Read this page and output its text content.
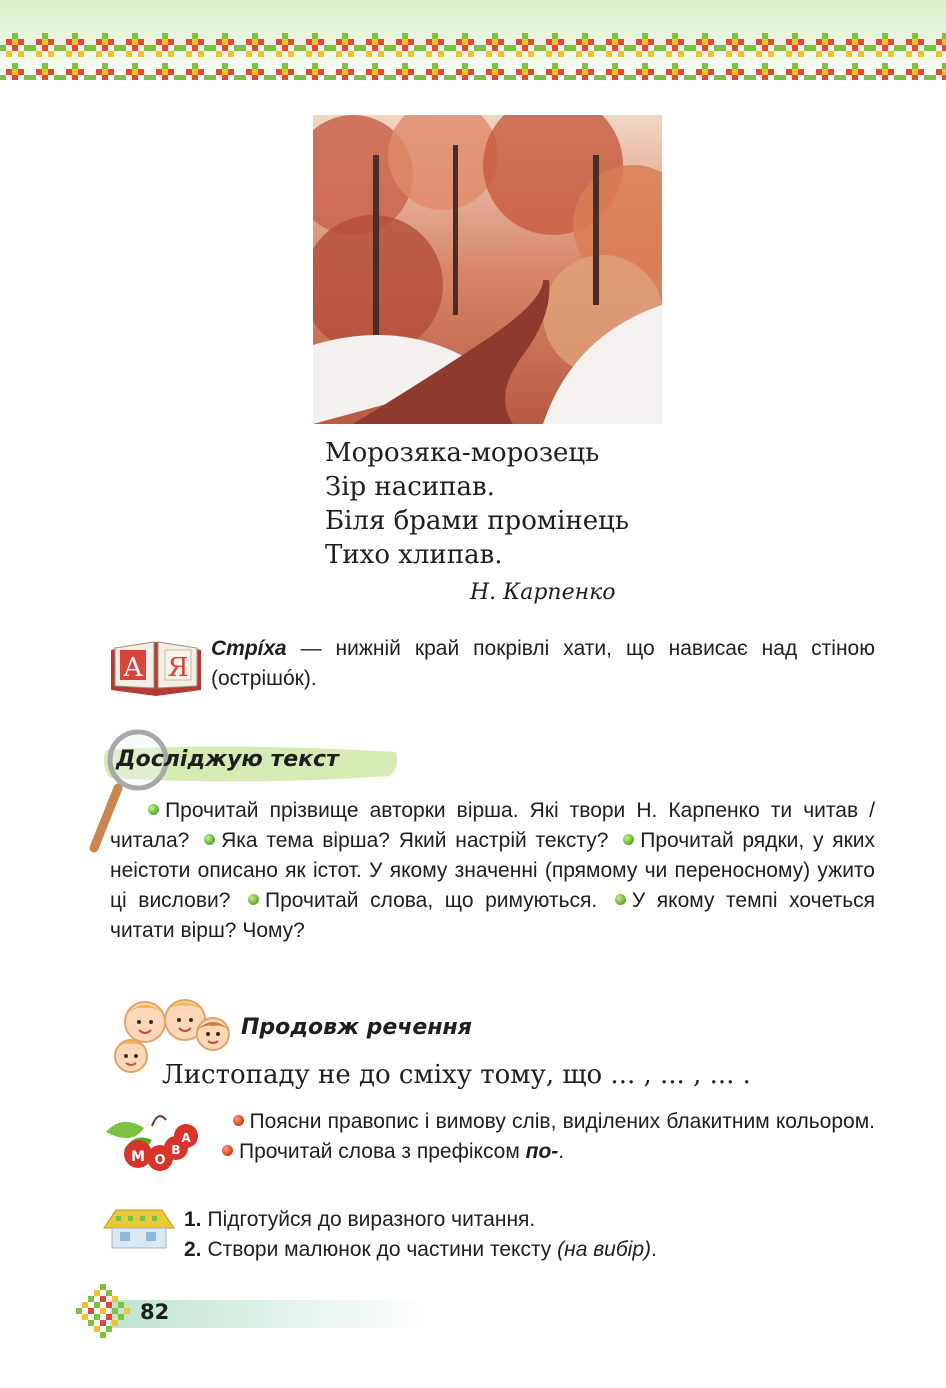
Морозяка-морозець
Зір насипав.
Біля брами промінець
Тихо хлипав.
Н. Карпенко
А Я
Стрíха — нижній край покрівлі хати, що нависає над стіною (острішóк).
Досліджую текст
  Прочитай прізвище авторки вірша. Які твори Н. Карпенко ти читав / читала? Яка тема вірша? Який настрій тексту? Прочитай рядки, у яких неістоти описано як істот. У якому значенні (прямому чи переносному) ужито ці вислови? Прочитай слова, що римуються. У якому темпі хочеться читати вірш? Чому?
Продовж речення
Листопаду не до сміху тому, що ... , ... , ... .
М О
В
А
 Поясни правопис і вимову слів, виділених блакитним кольором. Прочитай слова з префіксом по-.
1. Підготуйся до виразного читання.
2. Створи малюнок до частини тексту (на вибір).
82
